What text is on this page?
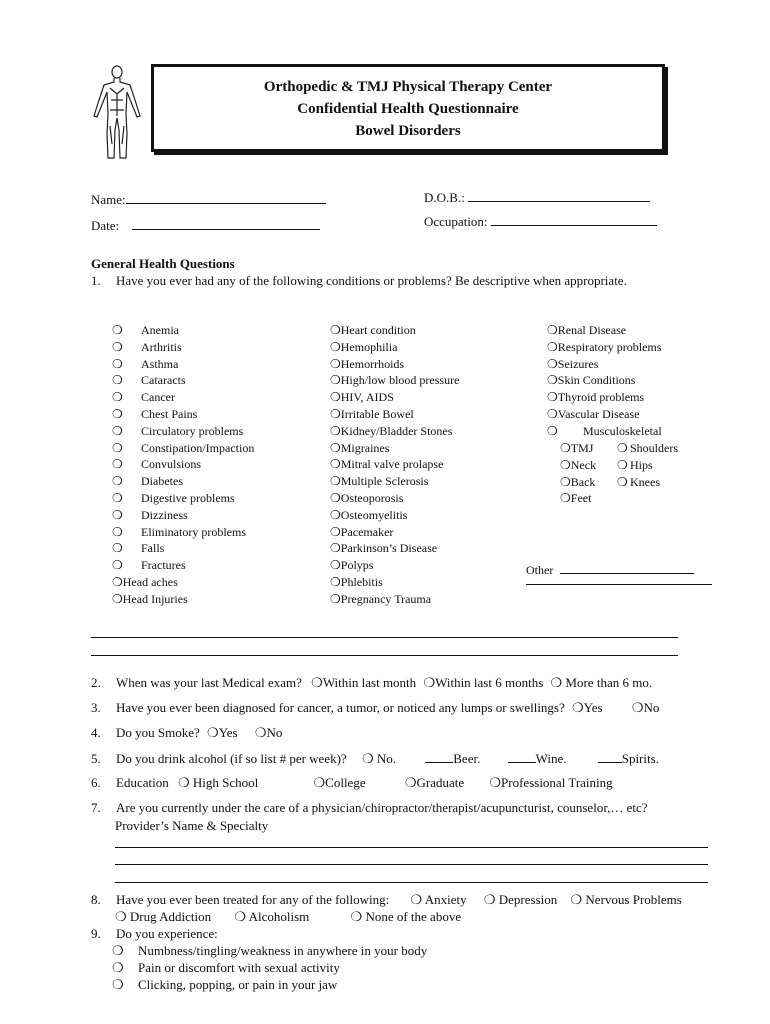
Orthopedic & TMJ Physical Therapy Center
Confidential Health Questionnaire
Bowel Disorders
Name:	D.O.B.:
Date:	Occupation:
General Health Questions
1. Have you ever had any of the following conditions or problems? Be descriptive when appropriate.
Other
2. When was your last Medical exam? ❍Within last month ❍Within last 6 months ❍ More than 6 mo.
3. Have you ever been diagnosed for cancer, a tumor, or noticed any lumps or swellings? ❍Yes ❍No
4. Do you Smoke? ❍Yes ❍No
5. Do you drink alcohol (if so list # per week)? ❍ No.	Beer.	Wine.	Spirits.
6. Education ❍ High School	❍College	❍Graduate ❍Professional Training
7. Are you currently under the care of a physician/chiropractor/therapist/acupuncturist, counselor,… etc?
Provider’s Name & Specialty
8. Have you ever been treated for any of the following: ❍ Anxiety ❍ Depression ❍ Nervous Problems
❍ Drug Addiction ❍ Alcoholism	❍ None of the above
9. Do you experience:
❍ Anemia
❍ Arthritis
❍ Asthma
❍ Cataracts
❍ Cancer
❍ Chest Pains
❍ Circulatory problems
❍ Constipation/Impaction
❍ Convulsions
❍ Diabetes
❍ Digestive problems
❍ Dizziness
❍ Eliminatory problems
❍ Falls
❍ Fractures
❍Head aches
❍Head Injuries
❍Heart condition
❍Hemophilia
❍Hemorrhoids
❍High/low blood pressure
❍HIV, AIDS
❍Irritable Bowel
❍Kidney/Bladder Stones
❍Migraines
❍Mitral valve prolapse
❍Multiple Sclerosis
❍Osteoporosis
❍Osteomyelitis
❍Pacemaker
❍Parkinson’s Disease
❍Polyps
❍Phlebitis
❍Pregnancy Trauma
❍Renal Disease
❍Respiratory problems
❍Seizures
❍Skin Conditions
❍Thyroid problems
❍Vascular Disease
❍ Musculoskeletal
❍TMJ
❍Neck
❍Back
❍Feet
❍ Shoulders
❍ Hips
❍ Knees
❍ Numbness/tingling/weakness in anywhere in your body
❍ Pain or discomfort with sexual activity
❍ Clicking, popping, or pain in your jaw
